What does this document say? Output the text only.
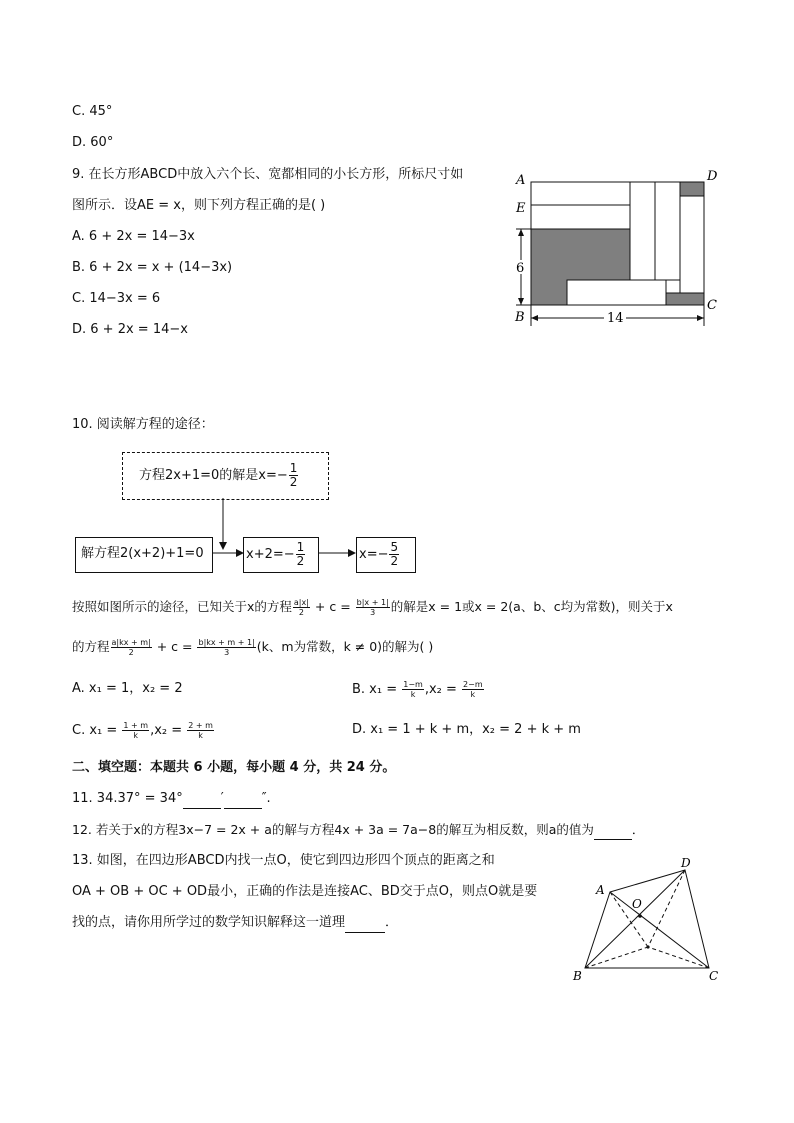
C. 45°
D. 60°
9. 在长方形ABCD中放入六个长、宽都相同的小长方形，所标尺寸如
图所示．设AE = x，则下列方程正确的是( )
A. 6 + 2x = 14−3x
B. 6 + 2x = x + (14−3x)
C. 14−3x = 6
D. 6 + 2x = 14−x
14
6
A	D
E
B
C
10. 阅读解方程的途径：
方程2x+1=0的解是$x=- \frac{1}{2}$
解方程2(x+2)+1=0	$x+2=- \frac{1}{2}$	$x=- \frac{5}{2}$
按照如图所示的途径，已知关于x的方程 $\frac{a|x|}{2} + c = \frac{b|x + 1|}{3}$ 的解是x = 1或x = 2(a、b、c均为常数)，则关于x
的方程 $\frac{a|kx + m|}{2} + c = \frac{b|kx + m + 1|}{3} (k$、m为常数，k ≠ 0)的解为( )
A. x₁ = 1，x₂ = 2	B. $x_1 = \frac{1-m}{k} ,x_2 = \frac{2-m}{k}$
C. $x_1 = \frac{1 + m}{k} ,x_2 = \frac{2 + m}{k}$	D. x₁ = 1 + k + m，x₂ = 2 + k + m
二、填空题：本题共 6 小题，每小题 4 分，共 24 分。
11. 34.37° = 34°	′	″.
12. 若关于x的方程3x−7 = 2x + a的解与方程4x + 3a = 7a−8的解互为相反数，则a的值为	．
13. 如图，在四边形ABCD内找一点O，使它到四边形四个顶点的距离之和
OA + OB + OC + OD最小，正确的作法是连接AC、BD交于点O，则点O就是要
找的点，请你用所学过的数学知识解释这一道理	．
A
D
B	C
O
